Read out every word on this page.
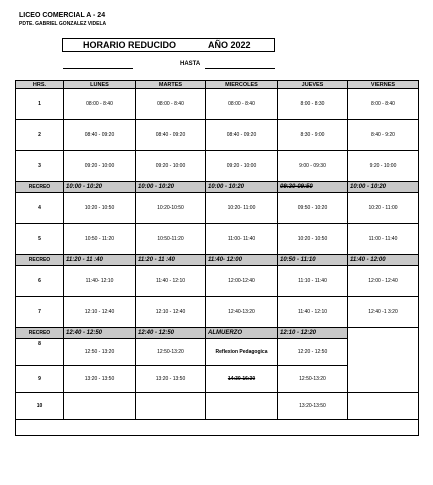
LICEO COMERCIAL A - 24
PDTE. GABRIEL GONZALEZ VIDELA
HORARIO REDUCIDO	AÑO 2022
HASTA
HRS.	LUNES	MARTES	MIERCOLES	JUEVES	VIERNES
1	08:00 - 8:40	08:00 - 8:40	08:00 - 8:40	8:00 - 8:30	8:00 - 8:40
2	08:40 - 09:20	08:40 - 09:20	08:40 - 09:20	8:30 - 9:00	8:40 - 9:20
3	09:20 - 10:00	09:20 - 10:00	09:20 - 10:00	9:00 - 09:30	9:20 - 10:00
RECREO	10:00 - 10:20	10:00 - 10:20	10:00 - 10:20	09:30-09:50	10:00 - 10:20
4	10:20 - 10:50	10:20-10:50	10:20- 11:00	09:50 - 10:20	10:20 - 11:00
5	10:50 - 11:20	10:50-11:20	11:00- 11:40	10:20 - 10:50	11:00 - 11:40
RECREO	11:20 - 11 :40	11:20 - 11 :40	11:40- 12:00	10:50 - 11:10	11:40 - 12:00
6	11:40- 12:10	11:40 - 12:10	12:00-12:40	11:10 - 11:40	12:00 - 12:40
7	12:10 - 12:40	12:10 - 12:40	12:40-13:20	11:40 - 12:10	12:40 -1 3:20
RECREO	12:40 - 12:50	12:40 - 12:50	ALMUERZO	12:10 - 12:20	

8	12:50 - 13:20	12:50-13:20	Reflexion Pedagogica	12:20 - 12:50	
9	13:20 - 13:50	13:20 - 13:50	14:30-16:30	12:50-13:20	
10				13:20-13:50	
